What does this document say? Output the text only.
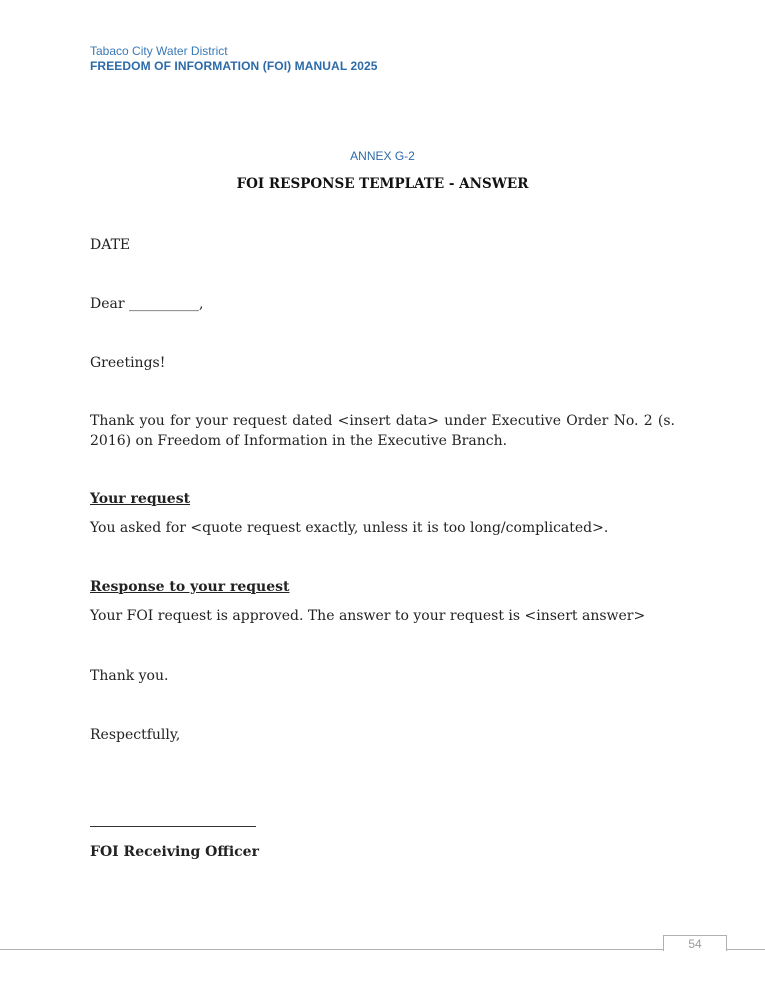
Tabaco City Water District
FREEDOM OF INFORMATION (FOI) MANUAL 2025
ANNEX G-2
FOI RESPONSE TEMPLATE - ANSWER
DATE
Dear __________,
Greetings!
Thank you for your request dated <insert data> under Executive Order No. 2 (s. 2016) on Freedom of Information in the Executive Branch.
Your request
You asked for <quote request exactly, unless it is too long/complicated>.
Response to your request
Your FOI request is approved. The answer to your request is <insert answer>
Thank you.
Respectfully,
FOI Receiving Officer
54
